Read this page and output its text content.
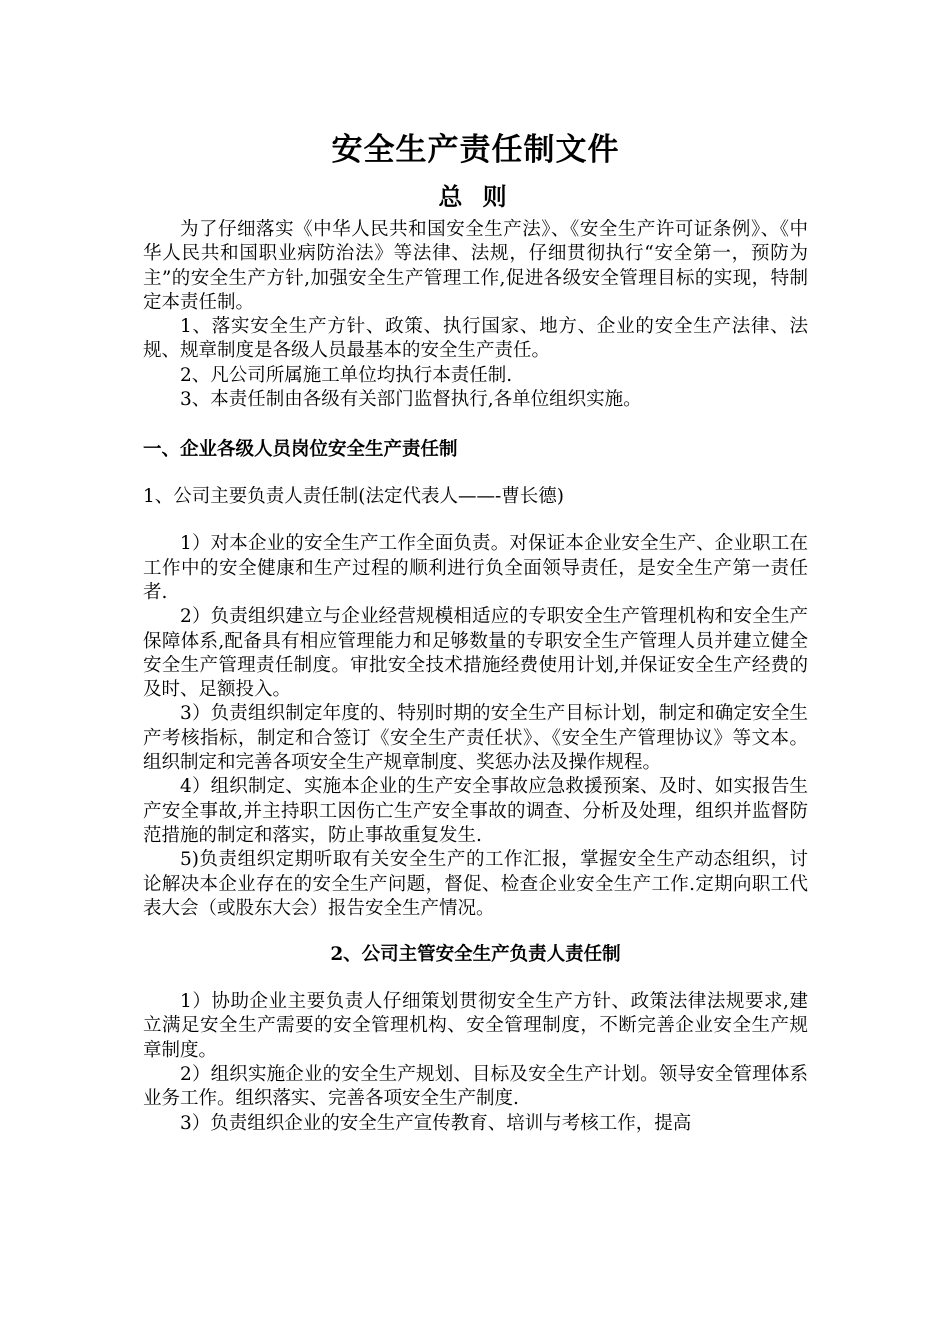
安全生产责任制文件
总 则

为了仔细落实《中华人民共和国安全生产法》、《安全生产许可证条例》、《中华人民共和国职业病防治法》等法律、法规，仔细贯彻执行“安全第一，预防为主”的安全生产方针,加强安全生产管理工作,促进各级安全管理目标的实现，特制定本责任制。

1、落实安全生产方针、政策、执行国家、地方、企业的安全生产法律、法规、规章制度是各级人员最基本的安全生产责任。

2、凡公司所属施工单位均执行本责任制.

3、本责任制由各级有关部门监督执行,各单位组织实施。

一、企业各级人员岗位安全生产责任制

1、公司主要负责人责任制(法定代表人——-曹长德)

1）对本企业的安全生产工作全面负责。对保证本企业安全生产、企业职工在工作中的安全健康和生产过程的顺利进行负全面领导责任，是安全生产第一责任者.

2）负责组织建立与企业经营规模相适应的专职安全生产管理机构和安全生产保障体系,配备具有相应管理能力和足够数量的专职安全生产管理人员并建立健全安全生产管理责任制度。审批安全技术措施经费使用计划,并保证安全生产经费的及时、足额投入。

3）负责组织制定年度的、特别时期的安全生产目标计划，制定和确定安全生产考核指标，制定和合签订《安全生产责任状》、《安全生产管理协议》等文本。组织制定和完善各项安全生产规章制度、奖惩办法及操作规程。

4）组织制定、实施本企业的生产安全事故应急救援预案、及时、如实报告生产安全事故,并主持职工因伤亡生产安全事故的调查、分析及处理，组织并监督防范措施的制定和落实，防止事故重复发生.

5)负责组织定期听取有关安全生产的工作汇报，掌握安全生产动态组织，讨论解决本企业存在的安全生产问题，督促、检查企业安全生产工作.定期向职工代表大会（或股东大会）报告安全生产情况。

2、公司主管安全生产负责人责任制

1）协助企业主要负责人仔细策划贯彻安全生产方针、政策法律法规要求,建立满足安全生产需要的安全管理机构、安全管理制度，不断完善企业安全生产规章制度。

2）组织实施企业的安全生产规划、目标及安全生产计划。领导安全管理体系业务工作。组织落实、完善各项安全生产制度.

3）负责组织企业的安全生产宣传教育、培训与考核工作，提高
